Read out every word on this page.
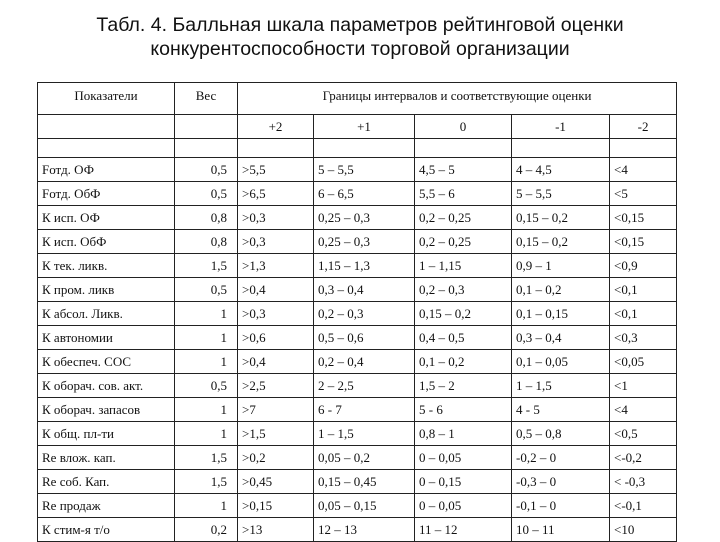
Табл. 4. Балльная шкала параметров рейтинговой оценки
конкурентоспособности торговой организации
Показатели	Вес	Границы интервалов и соответствующие оценки				
		+2	+1	0	-1	-2

Fотд. ОФ	0,5	>5,5	5 – 5,5	4,5 – 5	4 – 4,5	<4
Fотд. ОбФ	0,5	>6,5	6 – 6,5	5,5 – 6	5 – 5,5	<5
К исп. ОФ	0,8	>0,3	0,25 – 0,3	0,2 – 0,25	0,15 – 0,2	<0,15
К исп. ОбФ	0,8	>0,3	0,25 – 0,3	0,2 – 0,25	0,15 – 0,2	<0,15
К тек. ликв.	1,5	>1,3	1,15 – 1,3	1 – 1,15	0,9 – 1	<0,9
К пром. ликв	0,5	>0,4	0,3 – 0,4	0,2 – 0,3	0,1 – 0,2	<0,1
К абсол. Ликв.	1	>0,3	0,2 – 0,3	0,15 – 0,2	0,1 – 0,15	<0,1
К автономии	1	>0,6	0,5 – 0,6	0,4 – 0,5	0,3 – 0,4	<0,3
К обеспеч. СОС	1	>0,4	0,2 – 0,4	0,1 – 0,2	0,1 – 0,05	<0,05
К оборач. сов. акт.	0,5	>2,5	2 – 2,5	1,5 – 2	1 – 1,5	<1
К оборач. запасов	1	>7	6 - 7	5 - 6	4 - 5	<4
К общ. пл-ти	1	>1,5	1 – 1,5	0,8 – 1	0,5 – 0,8	<0,5
Re влож. кап.	1,5	>0,2	0,05 – 0,2	0 – 0,05	-0,2 – 0	<-0,2
Re соб. Кап.	1,5	>0,45	0,15 – 0,45	0 – 0,15	-0,3 – 0	< -0,3
Re продаж	1	>0,15	0,05 – 0,15	0 – 0,05	-0,1 – 0	<-0,1
К стим-я т/о	0,2	>13	12 – 13	11 – 12	10 – 11	<10
